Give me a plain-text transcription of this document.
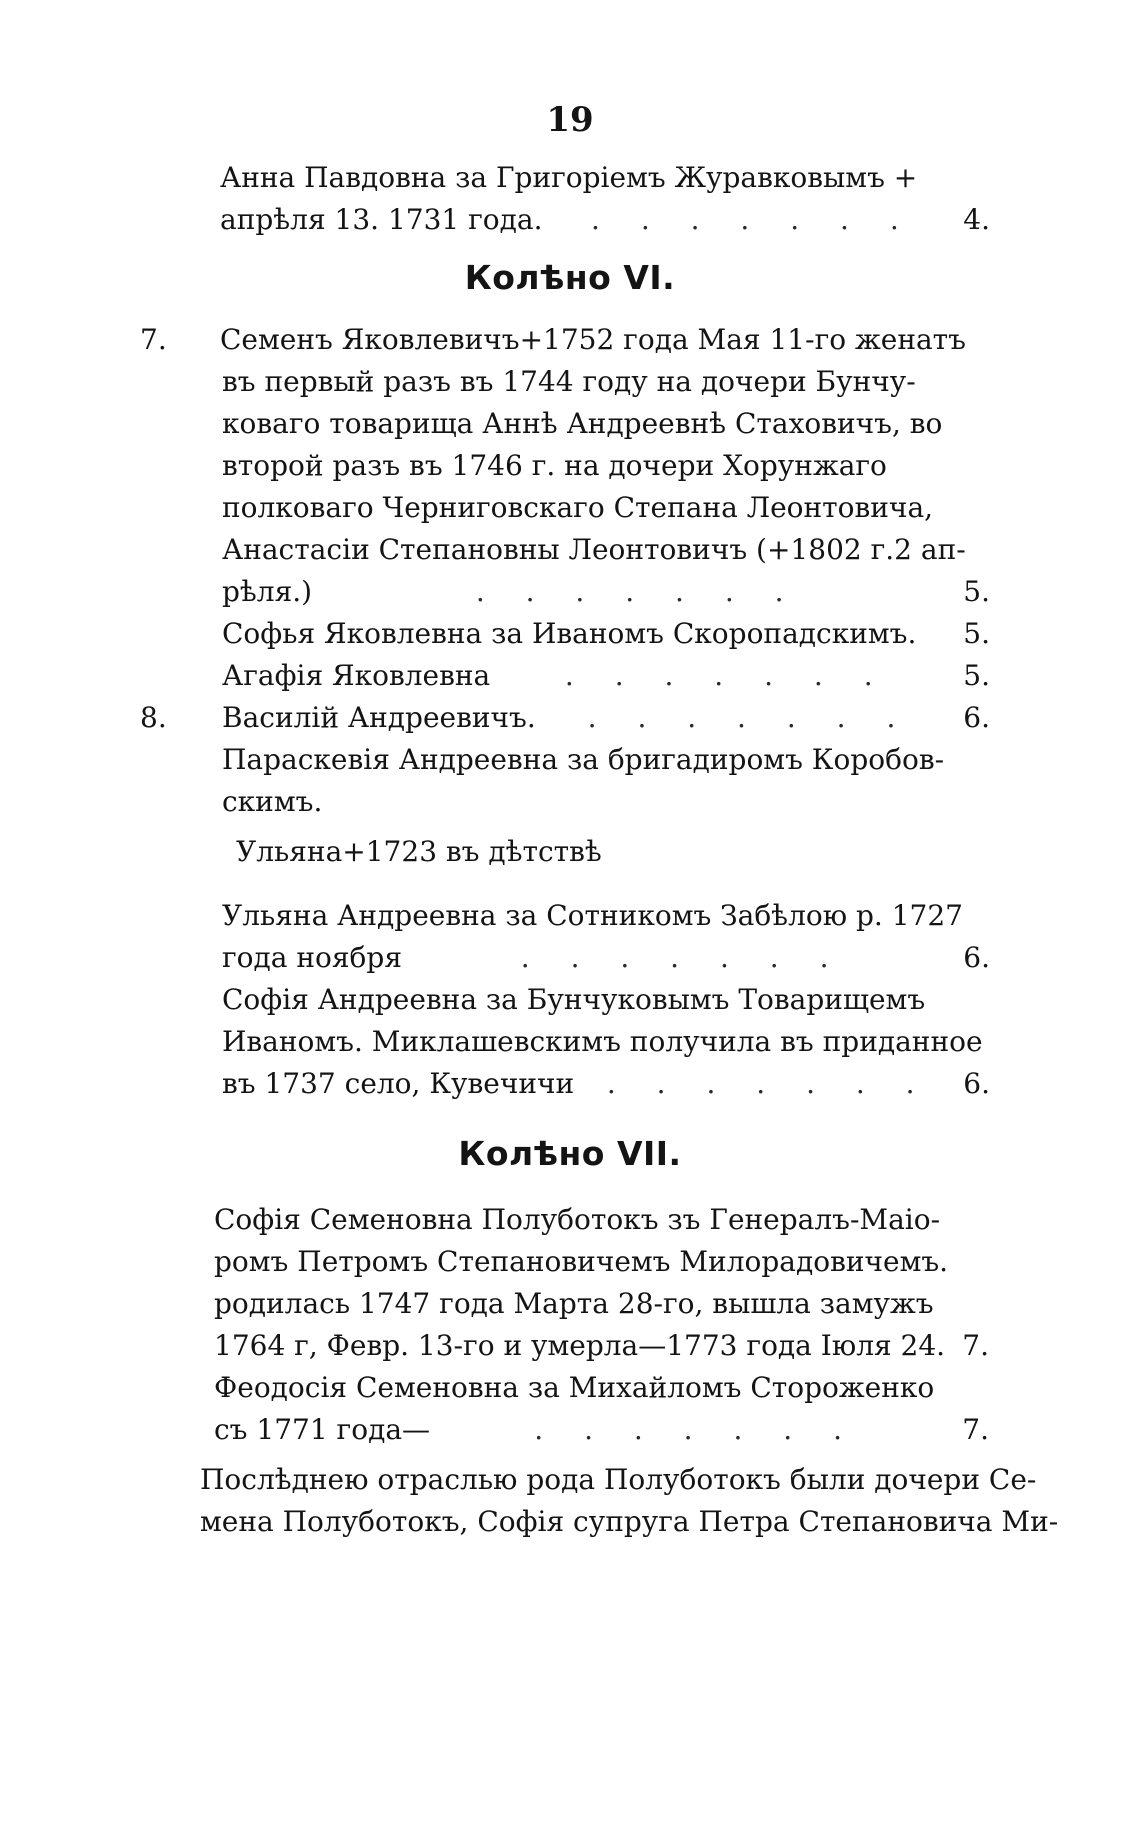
19
Анна Павдовна за Григоріемъ Журавковымъ +
апрѣля 13. 1731 года.	. . . . . . .	4.
Колѣно VI.
7. Семенъ Яковлевичъ+1752 года Мая 11-го женатъ
въ первый разъ въ 1744 году на дочери Бунчу-
коваго товарища Аннѣ Андреевнѣ Стаховичъ, во
второй разъ въ 1746 г. на дочери Хорунжаго
полковаго Черниговскаго Степана Леонтовича,
Анастасіи Степановны Леонтовичъ (+1802 г.2 ап-
рѣля.)	. . . . . . .	5.
Софья Яковлевна за Иваномъ Скоропадскимъ. 5.
Агафія Яковлевна	. . . . . . .	5.
8. Василій Андреевичъ.	. . . . . . .	6.
Параскевія Андреевна за бригадиромъ Коробов-
скимъ.
Ульяна+1723 въ дѣтствѣ
Ульяна Андреевна за Сотникомъ Забѣлою р. 1727
года ноября	. . . . . . .	6.
Софія Андреевна за Бунчуковымъ Товарищемъ
Иваномъ. Миклашевскимъ получила въ приданное
въ 1737 село, Кувечичи	. . . . . . .	6.
Колѣно VII.
Софія Семеновна Полуботокъ зъ Генералъ-Маіо-
ромъ Петромъ Степановичемъ Милорадовичемъ.
родилась 1747 года Марта 28-го, вышла замужъ
1764 г, Февр. 13-го и умерла—1773 года Іюля 24. 7.
Феодосія Семеновна за Михайломъ Стороженко
съ 1771 года—	. . . . . . .	7.
Послѣднею отраслью рода Полуботокъ были дочери Се-
мена Полуботокъ, Софія супруга Петра Степановича Ми-
